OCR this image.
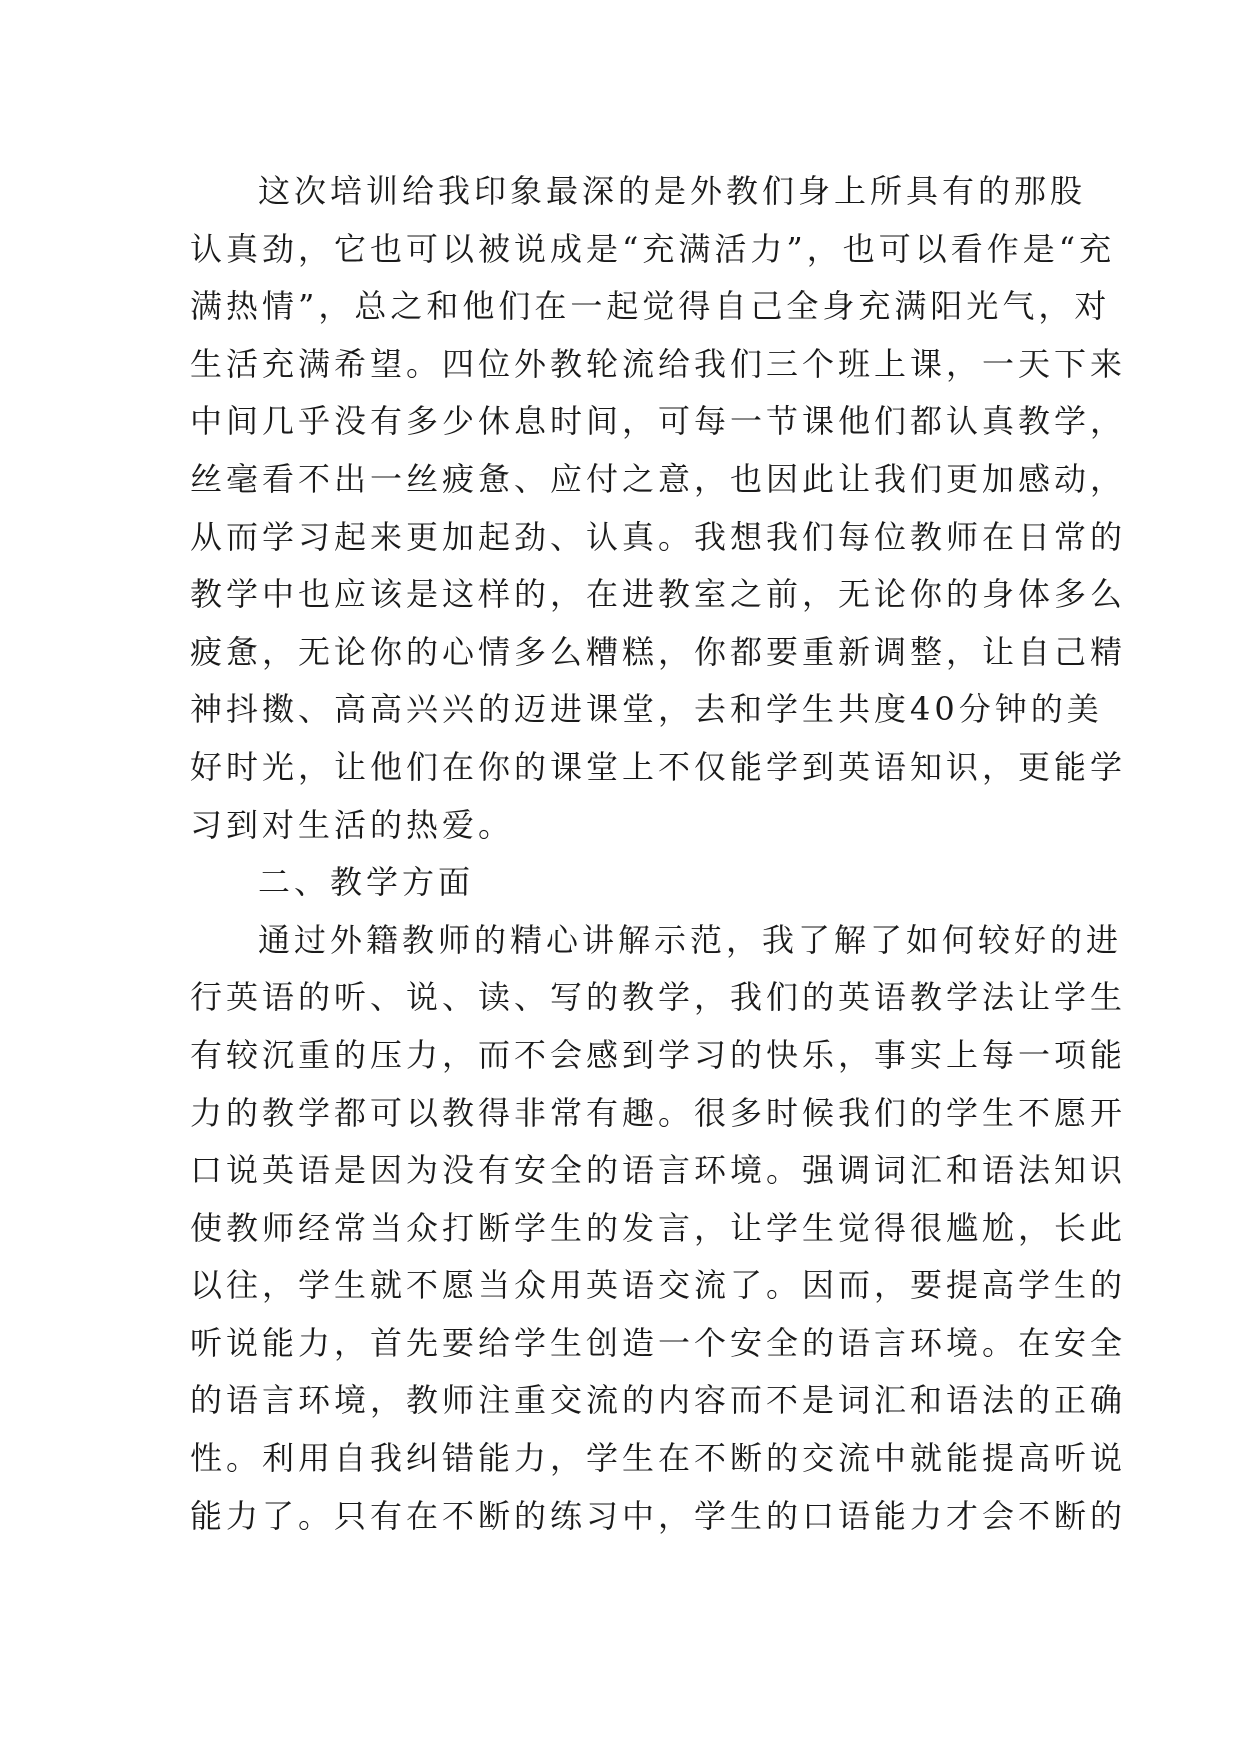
这次培训给我印象最深的是外教们身上所具有的那股
认真劲，它也可以被说成是“充满活力”，也可以看作是“充
满热情”，总之和他们在一起觉得自己全身充满阳光气，对
生活充满希望。四位外教轮流给我们三个班上课，一天下来
中间几乎没有多少休息时间，可每一节课他们都认真教学，
丝毫看不出一丝疲惫、应付之意，也因此让我们更加感动，
从而学习起来更加起劲、认真。我想我们每位教师在日常的
教学中也应该是这样的，在进教室之前，无论你的身体多么
疲惫，无论你的心情多么糟糕，你都要重新调整，让自己精
神抖擞、高高兴兴的迈进课堂，去和学生共度40分钟的美
好时光，让他们在你的课堂上不仅能学到英语知识，更能学
习到对生活的热爱。
二、教学方面
通过外籍教师的精心讲解示范，我了解了如何较好的进
行英语的听、说、读、写的教学，我们的英语教学法让学生
有较沉重的压力，而不会感到学习的快乐，事实上每一项能
力的教学都可以教得非常有趣。很多时候我们的学生不愿开
口说英语是因为没有安全的语言环境。强调词汇和语法知识
使教师经常当众打断学生的发言，让学生觉得很尴尬，长此
以往，学生就不愿当众用英语交流了。因而，要提高学生的
听说能力，首先要给学生创造一个安全的语言环境。在安全
的语言环境，教师注重交流的内容而不是词汇和语法的正确
性。利用自我纠错能力，学生在不断的交流中就能提高听说
能力了。只有在不断的练习中，学生的口语能力才会不断的
